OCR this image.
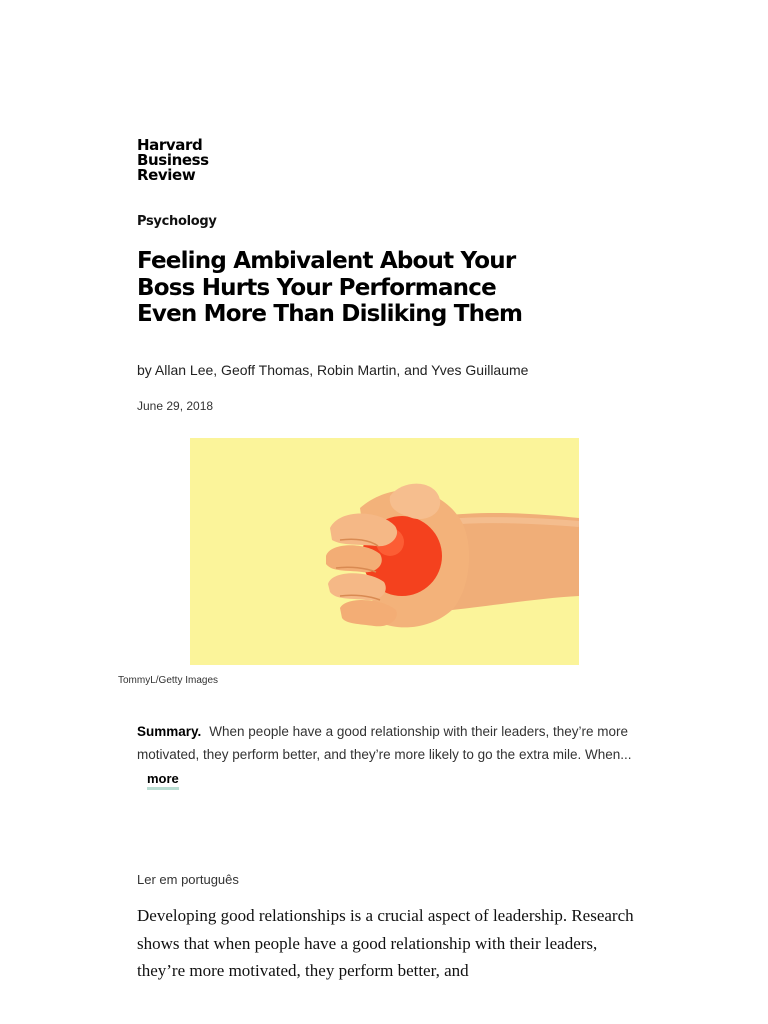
Harvard
Business
Review
Psychology
Feeling Ambivalent About Your Boss Hurts Your Performance Even More Than Disliking Them
by Allan Lee, Geoff Thomas, Robin Martin, and Yves Guillaume
June 29, 2018
TommyL/Getty Images
Summary. When people have a good relationship with their leaders, they’re more motivated, they perform better, and they’re more likely to go the extra mile. When...
more
Ler em português

Developing good relationships is a crucial aspect of leadership. Research shows that when people have a good relationship with their leaders, they’re more motivated, they perform better, and
